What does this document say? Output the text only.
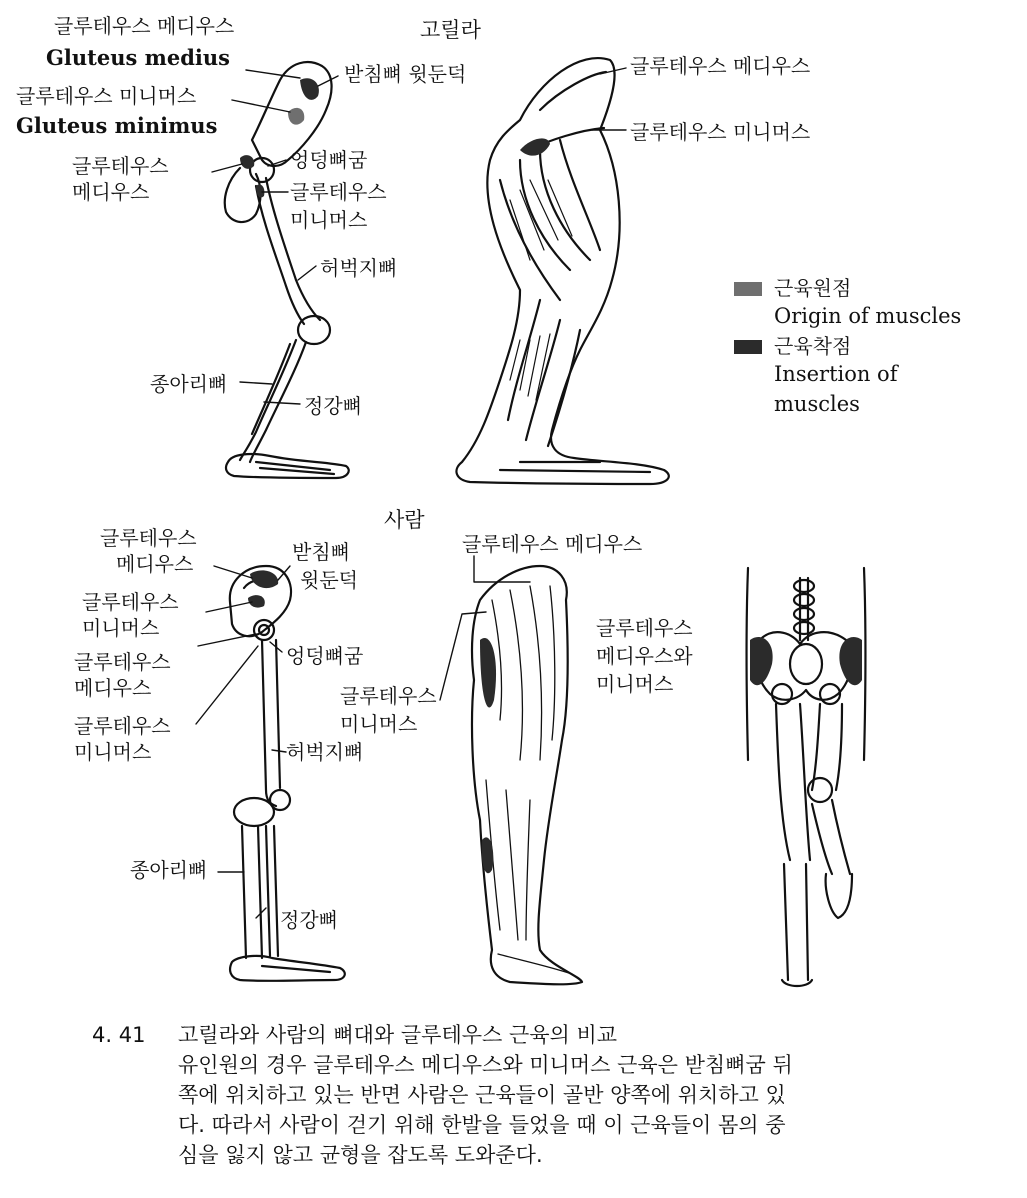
고릴라
글루테우스 메디우스
Gluteus medius
글루테우스 미니머스
Gluteus minimus
받침뼈 윗둔덕
글루테우스
메디우스
엉덩뼈굼
글루테우스
미니머스
허벅지뼈
종아리뼈
정강뼈
글루테우스 메디우스
글루테우스 미니머스
근육원점
Origin of muscles
근육착점
Insertion of
muscles
사람
글루테우스
메디우스	받침뼈
윗둔덕
글루테우스
미니머스
엉덩뼈굼
글루테우스
메디우스
글루테우스
미니머스	허벅지뼈
종아리뼈
정강뼈
글루테우스 메디우스
글루테우스
미니머스
글루테우스
메디우스와
미니머스
4. 41 고릴라와 사람의 뼈대와 글루테우스 근육의 비교
유인원의 경우 글루테우스 메디우스와 미니머스 근육은 받침뼈굼 뒤
쪽에 위치하고 있는 반면 사람은 근육들이 골반 양쪽에 위치하고 있
다. 따라서 사람이 걷기 위해 한발을 들었을 때 이 근육들이 몸의 중
심을 잃지 않고 균형을 잡도록 도와준다.
